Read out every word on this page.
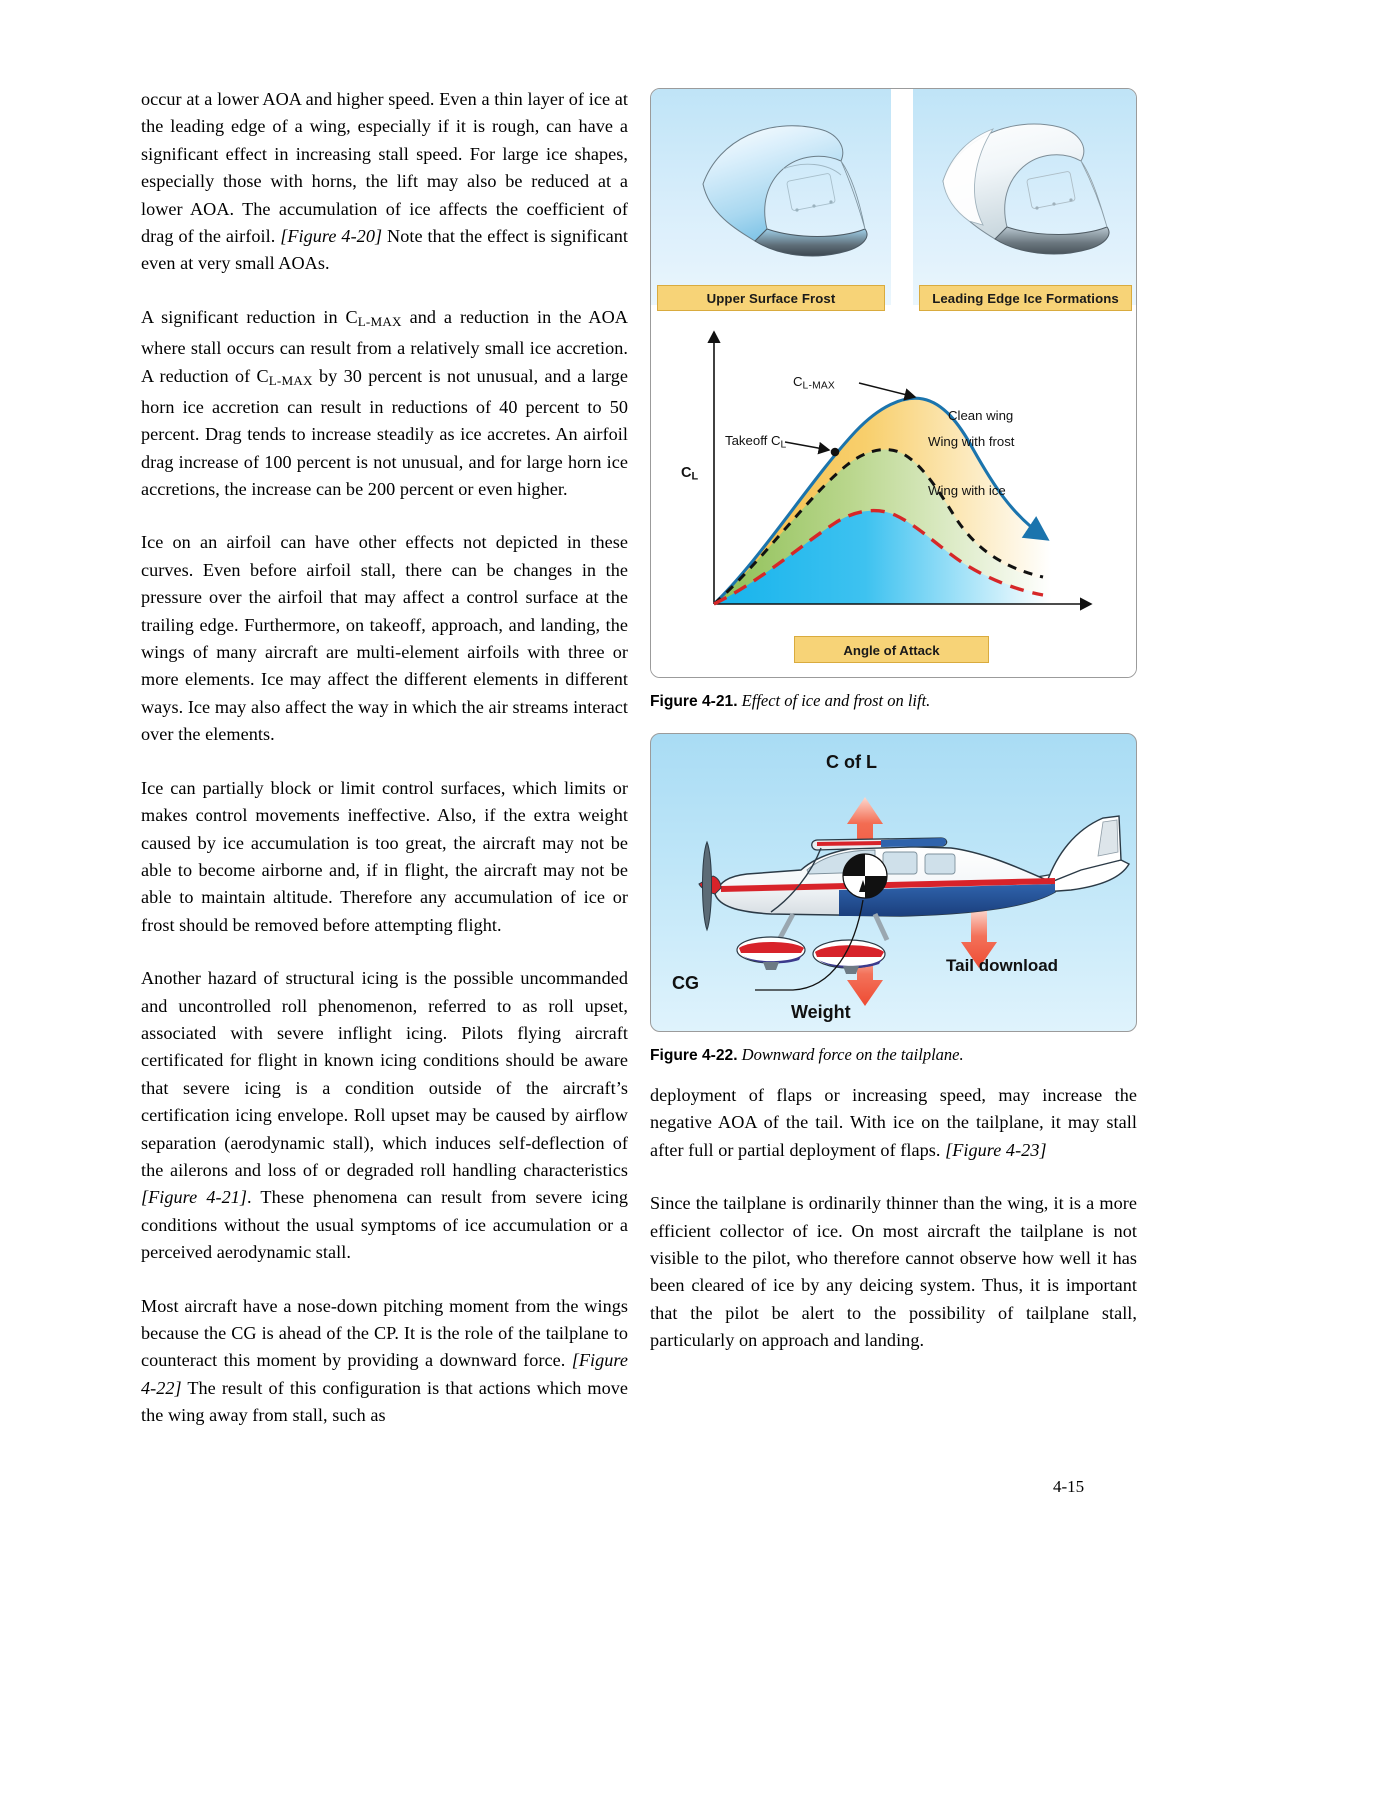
occur at a lower AOA and higher speed. Even a thin layer of ice at the leading edge of a wing, especially if it is rough, can have a significant effect in increasing stall speed. For large ice shapes, especially those with horns, the lift may also be reduced at a lower AOA. The accumulation of ice affects the coefficient of drag of the airfoil. [Figure 4-20] Note that the effect is significant even at very small AOAs.

A significant reduction in $C_{L-MAX}$ and a reduction in the AOA where stall occurs can result from a relatively small ice accretion. A reduction of $C_{L-MAX}$ by 30 percent is not unusual, and a large horn ice accretion can result in reductions of 40 percent to 50 percent. Drag tends to increase steadily as ice accretes. An airfoil drag increase of 100 percent is not unusual, and for large horn ice accretions, the increase can be 200 percent or even higher.

Ice on an airfoil can have other effects not depicted in these curves. Even before airfoil stall, there can be changes in the pressure over the airfoil that may affect a control surface at the trailing edge. Furthermore, on takeoff, approach, and landing, the wings of many aircraft are multi-element airfoils with three or more elements. Ice may affect the different elements in different ways. Ice may also affect the way in which the air streams interact over the elements.

Ice can partially block or limit control surfaces, which limits or makes control movements ineffective. Also, if the extra weight caused by ice accumulation is too great, the aircraft may not be able to become airborne and, if in flight, the aircraft may not be able to maintain altitude. Therefore any accumulation of ice or frost should be removed before attempting flight.

Another hazard of structural icing is the possible uncommanded and uncontrolled roll phenomenon, referred to as roll upset, associated with severe inflight icing. Pilots flying aircraft certificated for flight in known icing conditions should be aware that severe icing is a condition outside of the aircraft’s certification icing envelope. Roll upset may be caused by airflow separation (aerodynamic stall), which induces self-deflection of the ailerons and loss of or degraded roll handling characteristics [Figure 4-21]. These phenomena can result from severe icing conditions without the usual symptoms of ice accumulation or a perceived aerodynamic stall.

Most aircraft have a nose-down pitching moment from the wings because the CG is ahead of the CP. It is the role of the tailplane to counteract this moment by providing a downward force. [Figure 4-22] The result of this configuration is that actions which move the wing away from stall, such as

Upper Surface Frost	Leading Edge Ice Formations
$C_L$
$C_{L-MAX}$
Takeoff $C_L$
Clean wing
Wing with frost
Wing with ice
Angle of Attack
Figure 4-21. Effect of ice and frost on lift.
C of L
Weight
Tail download
CG
Figure 4-22. Downward force on the tailplane.

deployment of flaps or increasing speed, may increase the negative AOA of the tail. With ice on the tailplane, it may stall after full or partial deployment of flaps. [Figure 4-23]

Since the tailplane is ordinarily thinner than the wing, it is a more efficient collector of ice. On most aircraft the tailplane is not visible to the pilot, who therefore cannot observe how well it has been cleared of ice by any deicing system. Thus, it is important that the pilot be alert to the possibility of tailplane stall, particularly on approach and landing.

4-15
